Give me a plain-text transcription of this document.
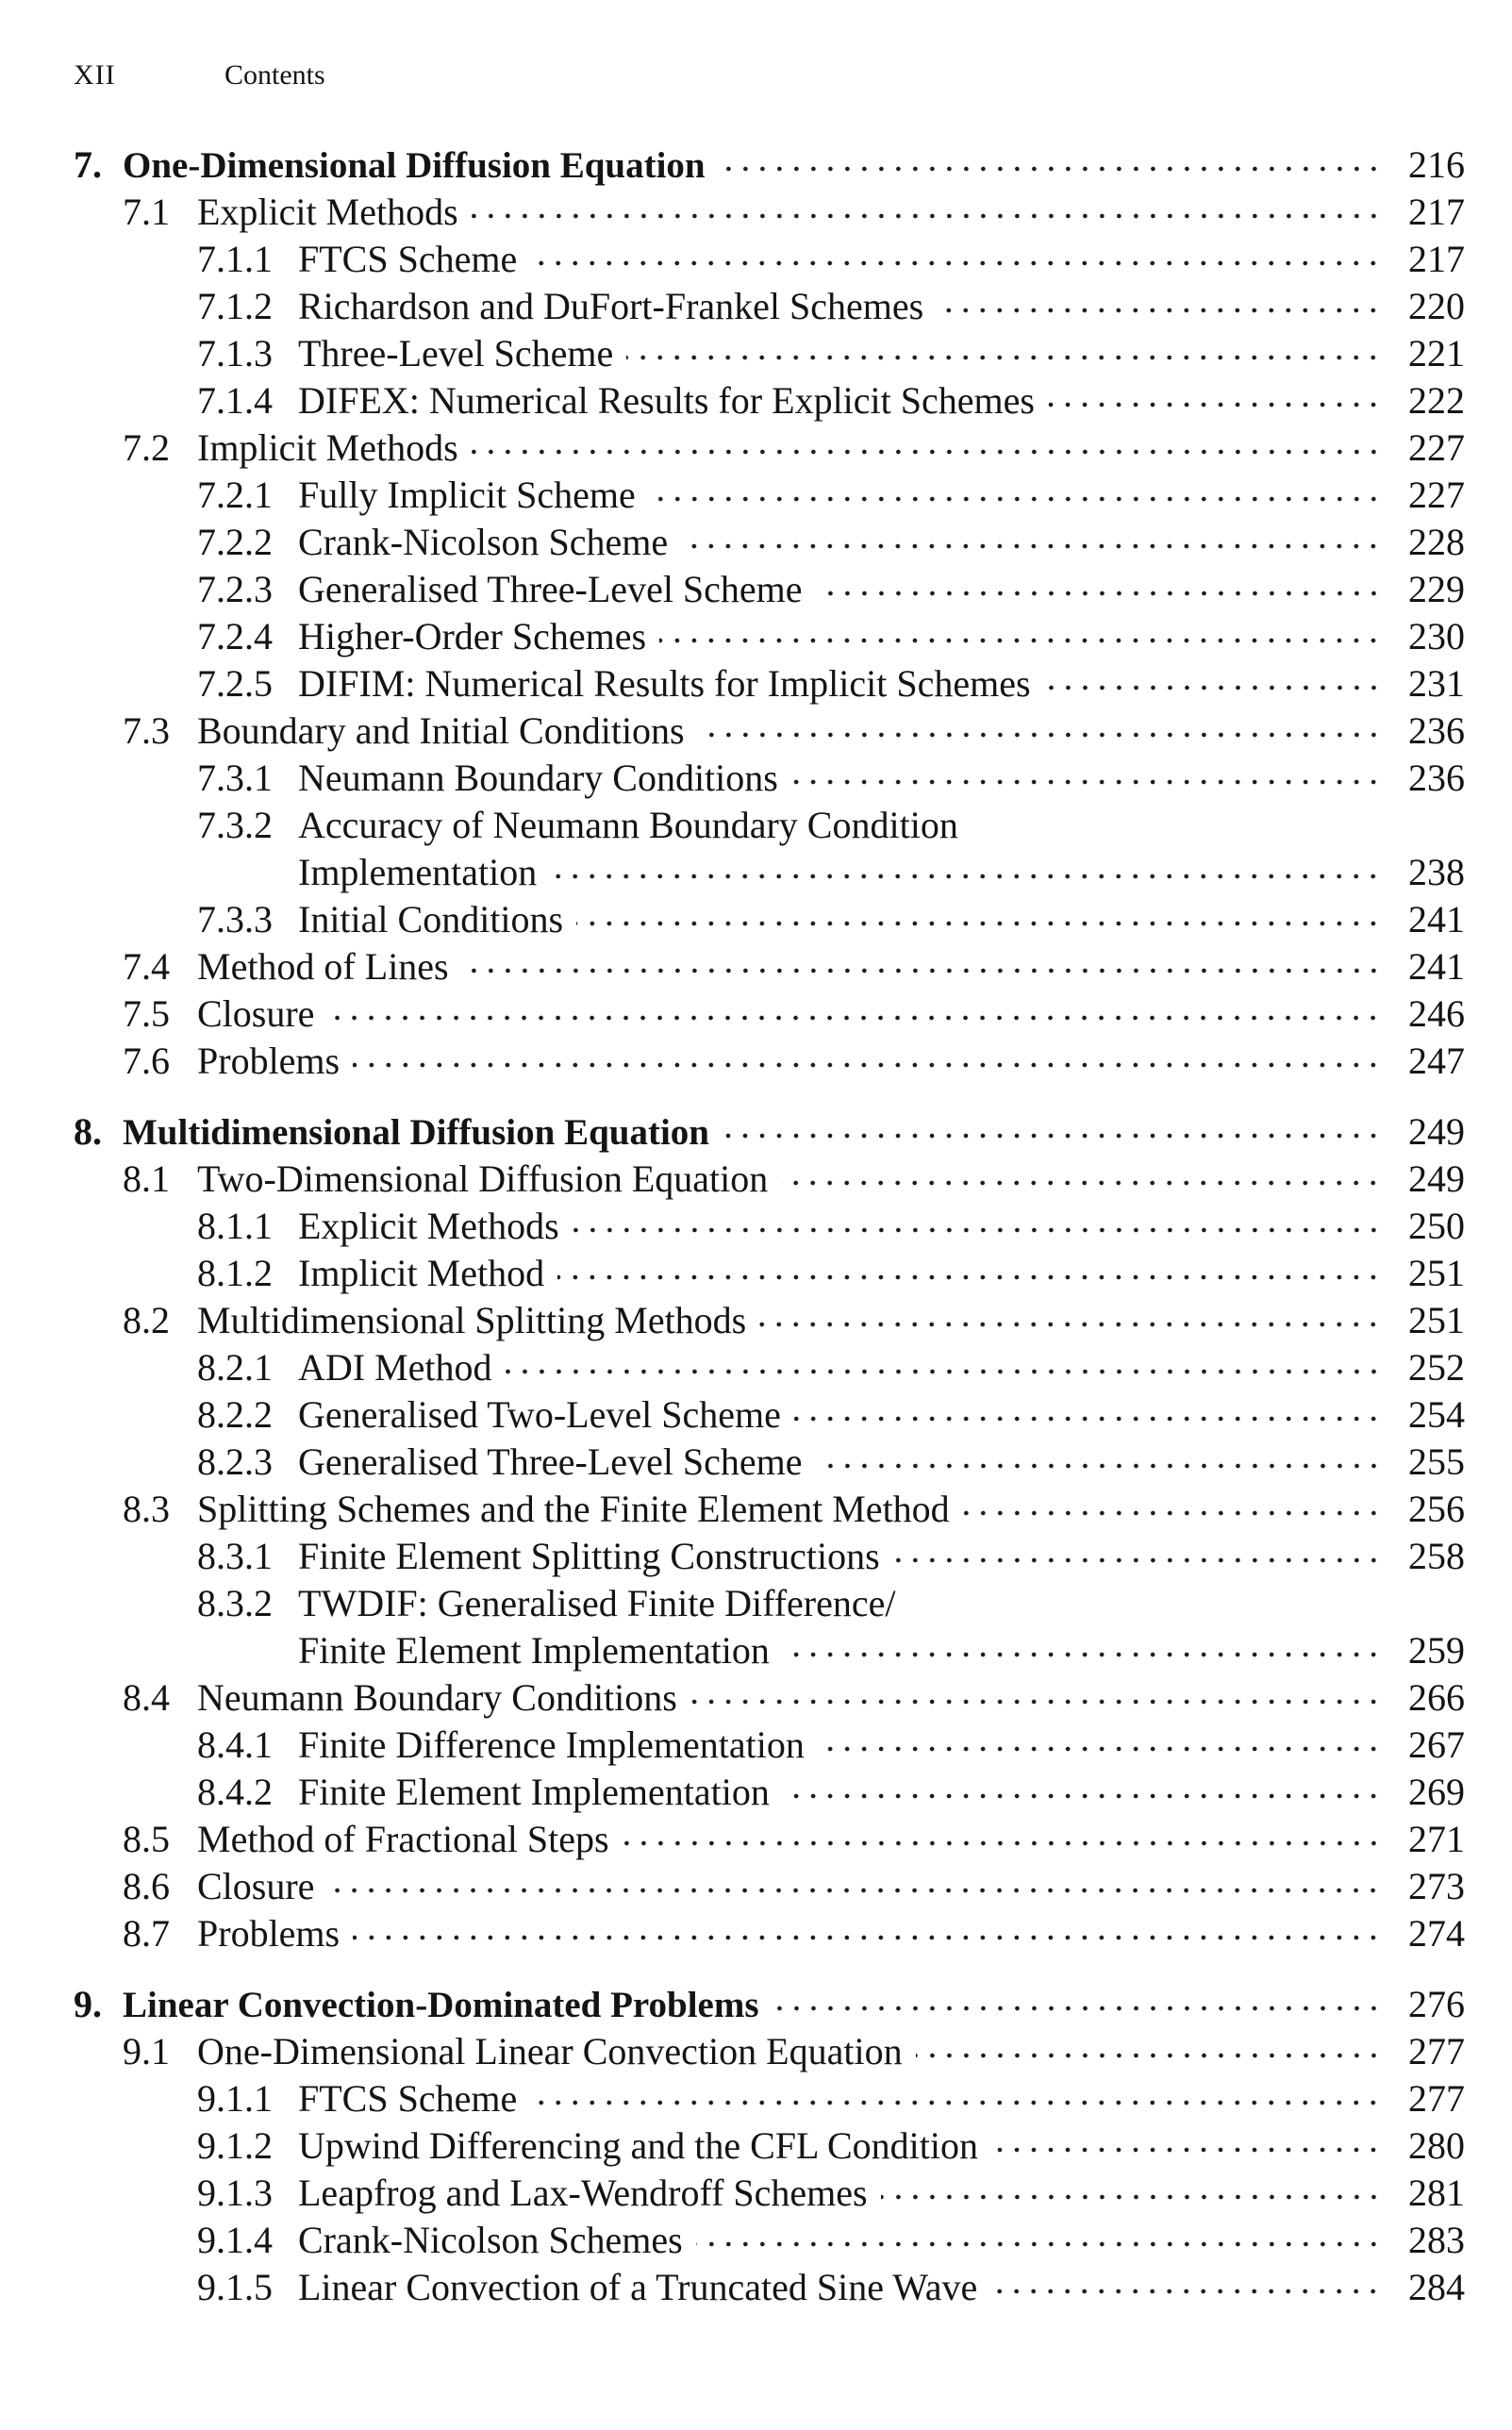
XII	Contents
7. One-Dimensional Diffusion Equation	216
7.1 Explicit Methods	217
7.1.1 FTCS Scheme	217
7.1.2 Richardson and DuFort-Frankel Schemes	220
7.1.3 Three-Level Scheme	221
7.1.4 DIFEX: Numerical Results for Explicit Schemes	222
7.2 Implicit Methods	227
7.2.1 Fully Implicit Scheme	227
7.2.2 Crank-Nicolson Scheme	228
7.2.3 Generalised Three-Level Scheme	229
7.2.4 Higher-Order Schemes	230
7.2.5 DIFIM: Numerical Results for Implicit Schemes	231
7.3 Boundary and Initial Conditions	236
7.3.1 Neumann Boundary Conditions	236
7.3.2 Accuracy of Neumann Boundary Condition
Implementation	238
7.3.3 Initial Conditions	241
7.4 Method of Lines	241
7.5 Closure	246
7.6 Problems	247
8. Multidimensional Diffusion Equation	249
8.1 Two-Dimensional Diffusion Equation	249
8.1.1 Explicit Methods	250
8.1.2 Implicit Method	251
8.2 Multidimensional Splitting Methods	251
8.2.1 ADI Method	252
8.2.2 Generalised Two-Level Scheme	254
8.2.3 Generalised Three-Level Scheme	255
8.3 Splitting Schemes and the Finite Element Method	256
8.3.1 Finite Element Splitting Constructions	258
8.3.2 TWDIF: Generalised Finite Difference/
Finite Element Implementation	259
8.4 Neumann Boundary Conditions	266
8.4.1 Finite Difference Implementation	267
8.4.2 Finite Element Implementation	269
8.5 Method of Fractional Steps	271
8.6 Closure	273
8.7 Problems	274
9. Linear Convection-Dominated Problems	276
9.1 One-Dimensional Linear Convection Equation	277
9.1.1 FTCS Scheme	277
9.1.2 Upwind Differencing and the CFL Condition	280
9.1.3 Leapfrog and Lax-Wendroff Schemes	281
9.1.4 Crank-Nicolson Schemes	283
9.1.5 Linear Convection of a Truncated Sine Wave	284
